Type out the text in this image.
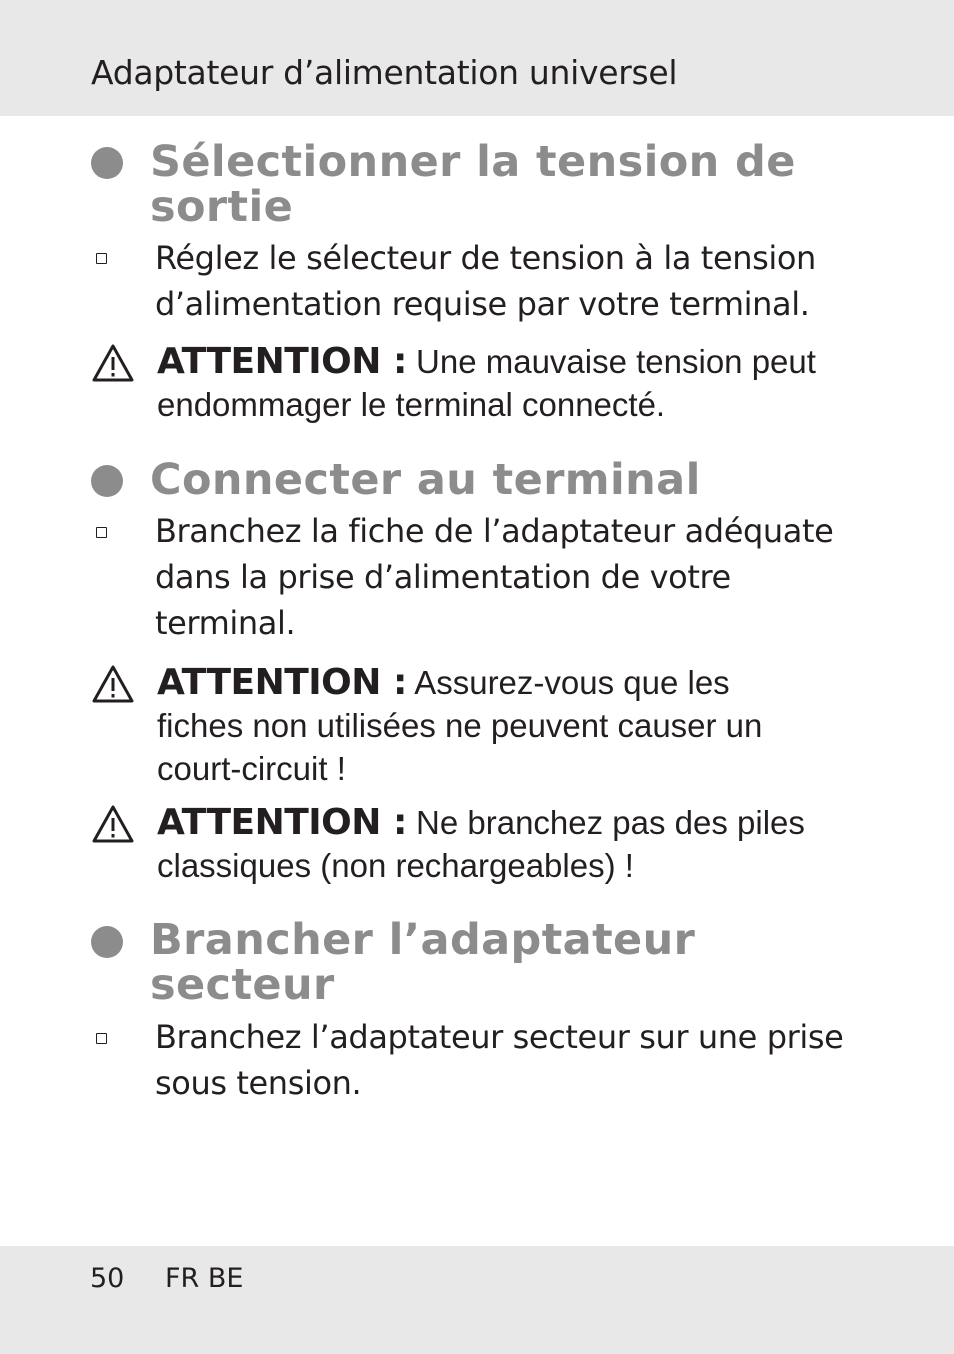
Adaptateur d’alimentation universel
Sélectionner la tension de
sortie
Réglez le sélecteur de tension à la tension
d’alimentation requise par votre terminal.
ATTENTION : Une mauvaise tension peut
endommager le terminal connecté.
Connecter au terminal
Branchez la fiche de l’adaptateur adéquate
dans la prise d’alimentation de votre
terminal.
ATTENTION : Assurez-vous que les
fiches non utilisées ne peuvent causer un
court-circuit !
ATTENTION : Ne branchez pas des piles
classiques (non rechargeables) !
Brancher l’adaptateur
secteur
Branchez l’adaptateur secteur sur une prise
sous tension.
50 FR BE
